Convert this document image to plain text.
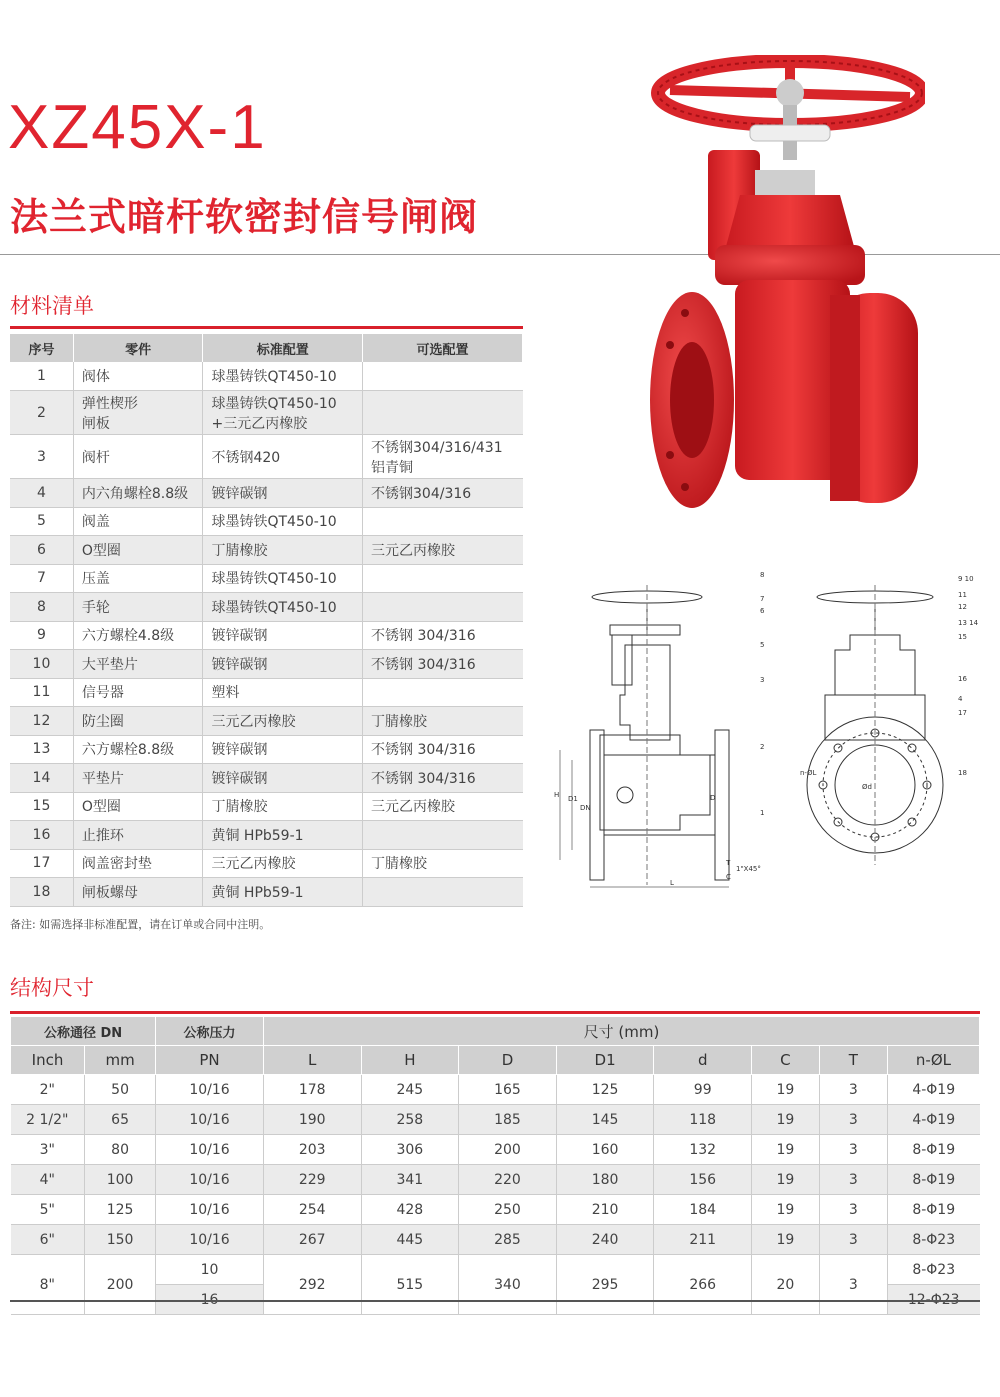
XZ45X-1
法兰式暗杆软密封信号闸阀
材料清单
序号	零件	标准配置	可选配置
1	阀体	球墨铸铁QT450-10	
2	弹性楔形
闸板	球墨铸铁QT450-10
+三元乙丙橡胶	
3	阀杆	不锈钢420	不锈钢304/316/431
铝青铜
4	内六角螺栓8.8级	镀锌碳钢	不锈钢304/316
5	阀盖	球墨铸铁QT450-10	
6	O型圈	丁腈橡胶	三元乙丙橡胶
7	压盖	球墨铸铁QT450-10	
8	手轮	球墨铸铁QT450-10	
9	六方螺栓4.8级	镀锌碳钢	不锈钢 304/316
10	大平垫片	镀锌碳钢	不锈钢 304/316
11	信号器	塑料	
12	防尘圈	三元乙丙橡胶	丁腈橡胶
13	六方螺栓8.8级	镀锌碳钢	不锈钢 304/316
14	平垫片	镀锌碳钢	不锈钢 304/316
15	O型圈	丁腈橡胶	三元乙丙橡胶
16	止推环	黄铜 HPb59-1	
17	阀盖密封垫	三元乙丙橡胶	丁腈橡胶
18	闸板螺母	黄铜 HPb59-1	
备注: 如需选择非标准配置，请在订单或合同中注明。
8 7 6 5 3 2 1
9 10 11 12 13 14 15 16 4 17 18
H D1	D DNLT C1"X45°n-ØLØd
结构尺寸
公称通径 DN		公称压力	尺寸 (mm)							
Inch	mm	PN	L	H	D	D1	d	C	T	n-ØL
2"	50	10/16	178	245	165	125	99	19	3	4-Φ19
2 1/2"	65	10/16	190	258	185	145	118	19	3	4-Φ19
3"	80	10/16	203	306	200	160	132	19	3	8-Φ19
4"	100	10/16	229	341	220	180	156	19	3	8-Φ19
5"	125	10/16	254	428	250	210	184	19	3	8-Φ19
6"	150	10/16	267	445	285	240	211	19	3	8-Φ23
8"	200	10	292	515	340	295	266	20	3	8-Φ23
